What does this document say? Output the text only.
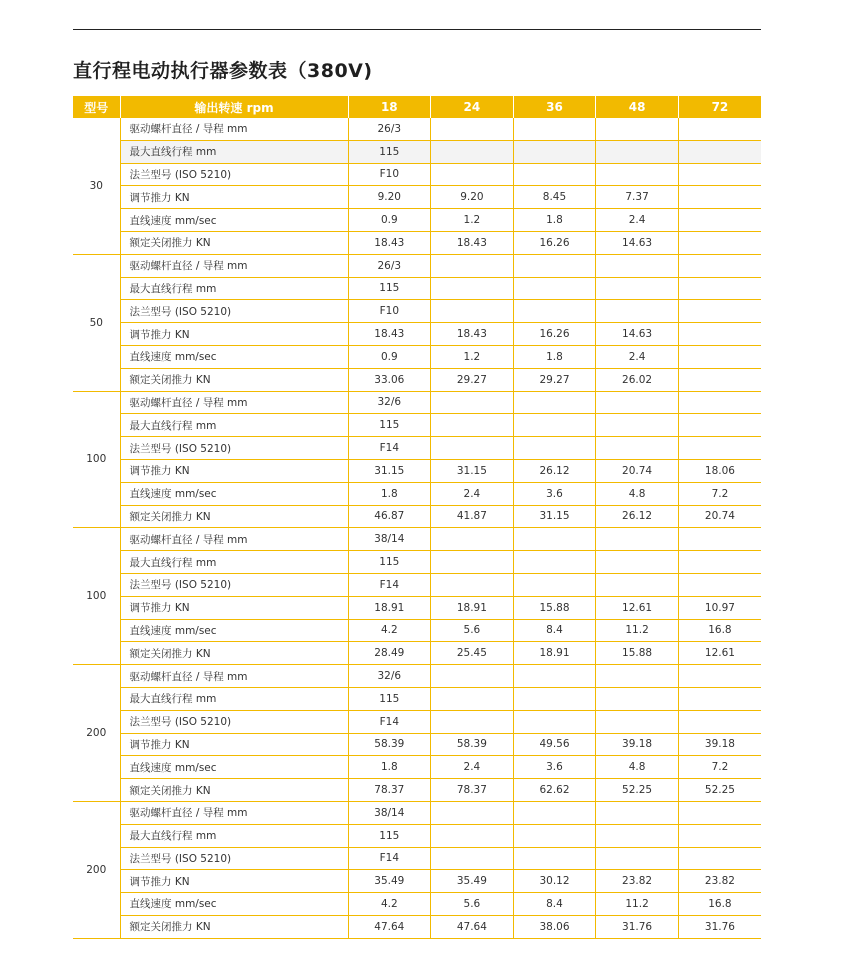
直行程电动执行器参数表（380V)
型号	输出转速 rpm	18	24	36	48	72
30	驱动螺杆直径 / 导程 mm	26/3				
	最大直线行程 mm	115				
	法兰型号 (ISO 5210)	F10				
	调节推力 KN	9.20	9.20	8.45	7.37	
	直线速度 mm/sec	0.9	1.2	1.8	2.4	
	额定关闭推力 KN	18.43	18.43	16.26	14.63	
50	驱动螺杆直径 / 导程 mm	26/3				
	最大直线行程 mm	115				
	法兰型号 (ISO 5210)	F10				
	调节推力 KN	18.43	18.43	16.26	14.63	
	直线速度 mm/sec	0.9	1.2	1.8	2.4	
	额定关闭推力 KN	33.06	29.27	29.27	26.02	
100	驱动螺杆直径 / 导程 mm	32/6				
	最大直线行程 mm	115				
	法兰型号 (ISO 5210)	F14				
	调节推力 KN	31.15	31.15	26.12	20.74	18.06
	直线速度 mm/sec	1.8	2.4	3.6	4.8	7.2
	额定关闭推力 KN	46.87	41.87	31.15	26.12	20.74
100	驱动螺杆直径 / 导程 mm	38/14				
	最大直线行程 mm	115				
	法兰型号 (ISO 5210)	F14				
	调节推力 KN	18.91	18.91	15.88	12.61	10.97
	直线速度 mm/sec	4.2	5.6	8.4	11.2	16.8
	额定关闭推力 KN	28.49	25.45	18.91	15.88	12.61
200	驱动螺杆直径 / 导程 mm	32/6				
	最大直线行程 mm	115				
	法兰型号 (ISO 5210)	F14				
	调节推力 KN	58.39	58.39	49.56	39.18	39.18
	直线速度 mm/sec	1.8	2.4	3.6	4.8	7.2
	额定关闭推力 KN	78.37	78.37	62.62	52.25	52.25
200	驱动螺杆直径 / 导程 mm	38/14				
	最大直线行程 mm	115				
	法兰型号 (ISO 5210)	F14				
	调节推力 KN	35.49	35.49	30.12	23.82	23.82
	直线速度 mm/sec	4.2	5.6	8.4	11.2	16.8
	额定关闭推力 KN	47.64	47.64	38.06	31.76	31.76
